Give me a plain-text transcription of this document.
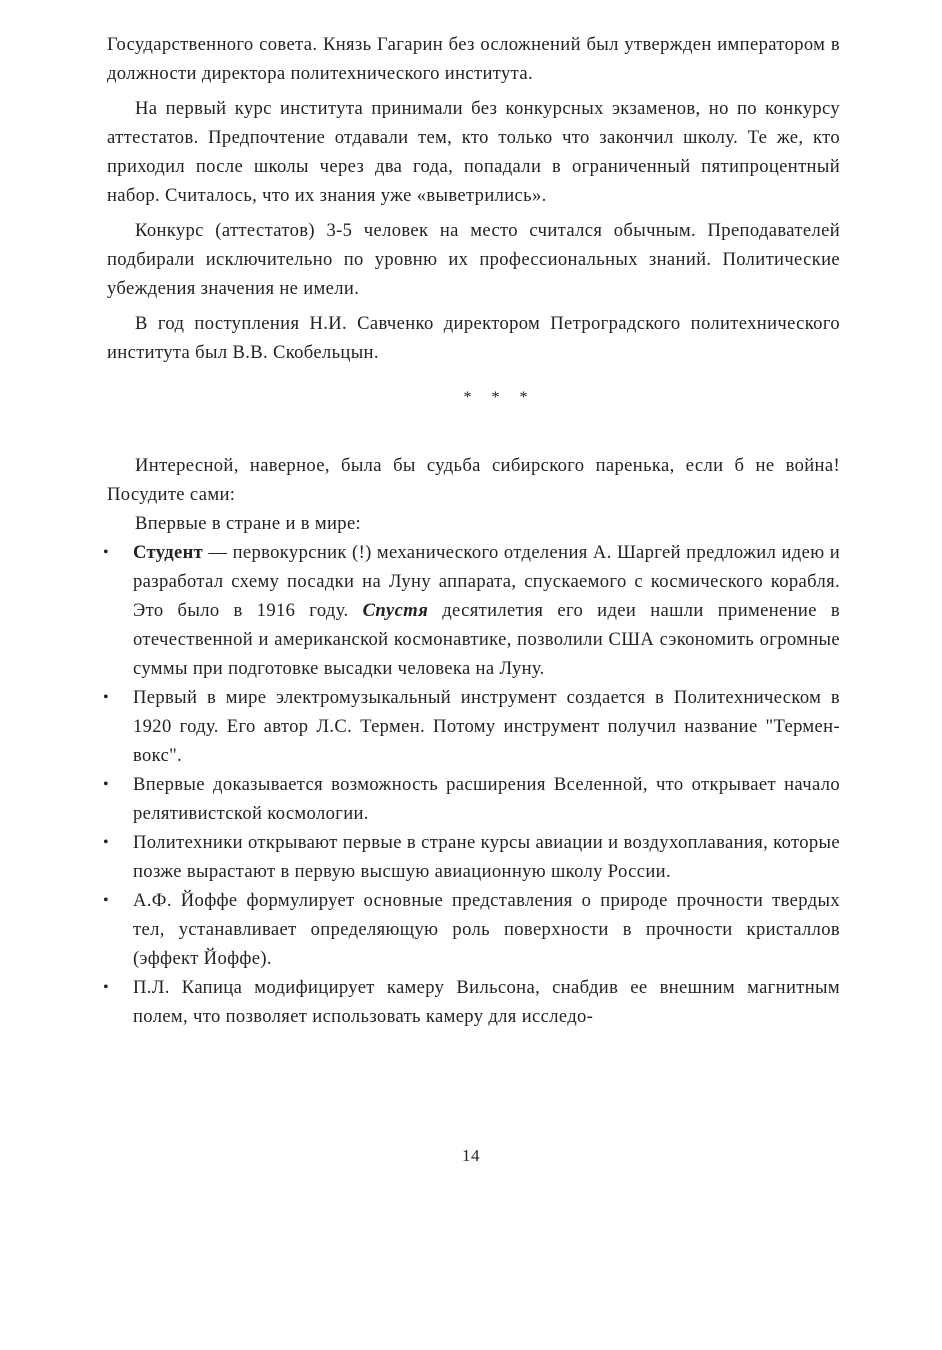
Государственного совета. Князь Гагарин без осложнений был утвержден императором в должности директора политехнического института.

На первый курс института принимали без конкурсных экзаменов, но по конкурсу аттестатов. Предпочтение отдавали тем, кто только что закончил школу. Те же, кто приходил после школы через два года, попадали в ограниченный пятипроцентный набор. Считалось, что их знания уже «выветрились».

Конкурс (аттестатов) 3-5 человек на место считался обычным. Преподавателей подбирали исключительно по уровню их профессиональных знаний. Политические убеждения значения не имели.

В год поступления Н.И. Савченко директором Петроградского политехнического института был В.В. Скобельцын.

* * *

Интересной, наверное, была бы судьба сибирского паренька, если б не война! Посудите сами:

Впервые в стране и в мире:

• Студент — первокурсник (!) механического отделения А. Шаргей предложил идею и разработал схему посадки на Луну аппарата, спускаемого с космического корабля. Это было в 1916 году. Спустя десятилетия его идеи нашли применение в отечественной и американской космонавтике, позволили США сэкономить огромные суммы при подготовке высадки человека на Луну.
• Первый в мире электромузыкальный инструмент создается в Политехническом в 1920 году. Его автор Л.С. Термен. Потому инструмент получил название "Термен-вокс".
• Впервые доказывается возможность расширения Вселенной, что открывает начало релятивистской космологии.
• Политехники открывают первые в стране курсы авиации и воздухоплавания, которые позже вырастают в первую высшую авиационную школу России.
• А.Ф. Йоффе формулирует основные представления о природе прочности твердых тел, устанавливает определяющую роль поверхности в прочности кристаллов (эффект Йоффе).
• П.Л. Капица модифицирует камеру Вильсона, снабдив ее внешним магнитным полем, что позволяет использовать камеру для исследо-
14
